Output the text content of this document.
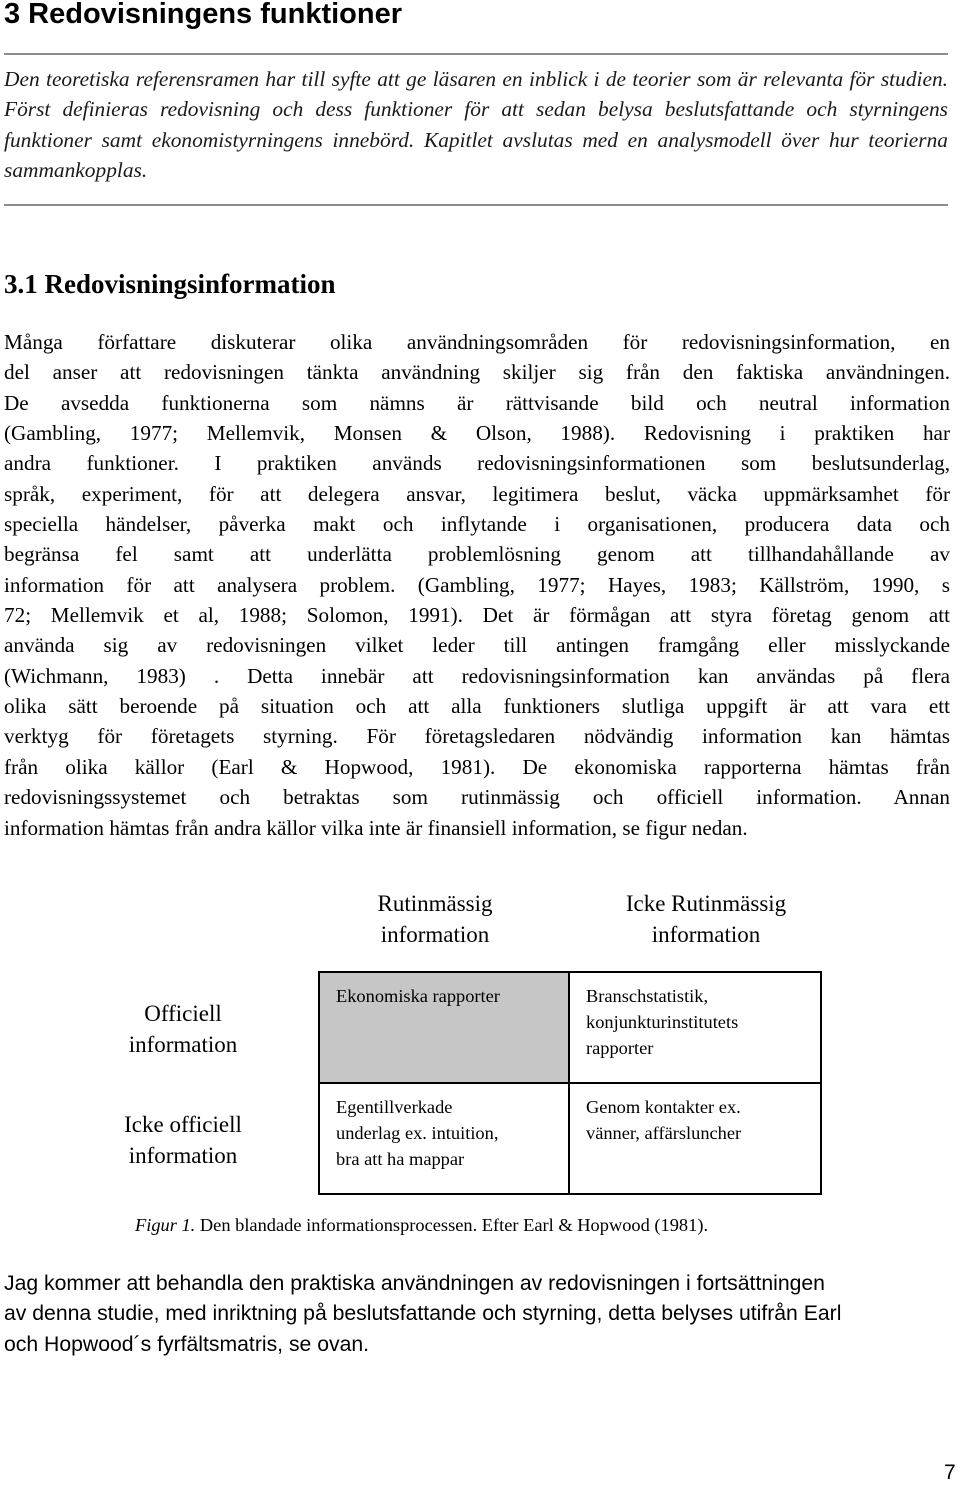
3 Redovisningens funktioner

Den teoretiska referensramen har till syfte att ge läsaren en inblick i de teorier som är relevanta för studien. Först definieras redovisning och dess funktioner för att sedan belysa beslutsfattande och styrningens funktioner samt ekonomistyrningens innebörd. Kapitlet avslutas med en analysmodell över hur teorierna sammankopplas.

3.1 Redovisningsinformation
Många författare diskuterar olika användningsområden för redovisningsinformation, en
del anser att redovisningen tänkta användning skiljer sig från den faktiska användningen.
De avsedda funktionerna som nämns är rättvisande bild och neutral information
(Gambling, 1977; Mellemvik, Monsen & Olson, 1988). Redovisning i praktiken har
andra funktioner. I praktiken används redovisningsinformationen som beslutsunderlag,
språk, experiment, för att delegera ansvar, legitimera beslut, väcka uppmärksamhet för
speciella händelser, påverka makt och inflytande i organisationen, producera data och
begränsa fel samt att underlätta problemlösning genom att tillhandahållande av
information för att analysera problem. (Gambling, 1977; Hayes, 1983; Källström, 1990, s
72; Mellemvik et al, 1988; Solomon, 1991). Det är förmågan att styra företag genom att
använda sig av redovisningen vilket leder till antingen framgång eller misslyckande
(Wichmann, 1983) . Detta innebär att redovisningsinformation kan användas på flera
olika sätt beroende på situation och att alla funktioners slutliga uppgift är att vara ett
verktyg för företagets styrning. För företagsledaren nödvändig information kan hämtas
från olika källor (Earl & Hopwood, 1981). De ekonomiska rapporterna hämtas från
redovisningssystemet och betraktas som rutinmässig och officiell information. Annan
information hämtas från andra källor vilka inte är finansiell information, se figur nedan.
Rutinmässig
information
Icke Rutinmässig
information
Officiell
information
Icke officiell
information
Ekonomiska rapporter	Branschstatistik,
konjunkturinstitutets
rapporter
Egentillverkade
underlag ex. intuition,
bra att ha mappar
Genom kontakter ex.
vänner, affärsluncher

Figur 1. Den blandade informationsprocessen. Efter Earl & Hopwood (1981).

Jag kommer att behandla den praktiska användningen av redovisningen i fortsättningen
av denna studie, med inriktning på beslutsfattande och styrning, detta belyses utifrån Earl
och Hopwood´s fyrfältsmatris, se ovan.

7
